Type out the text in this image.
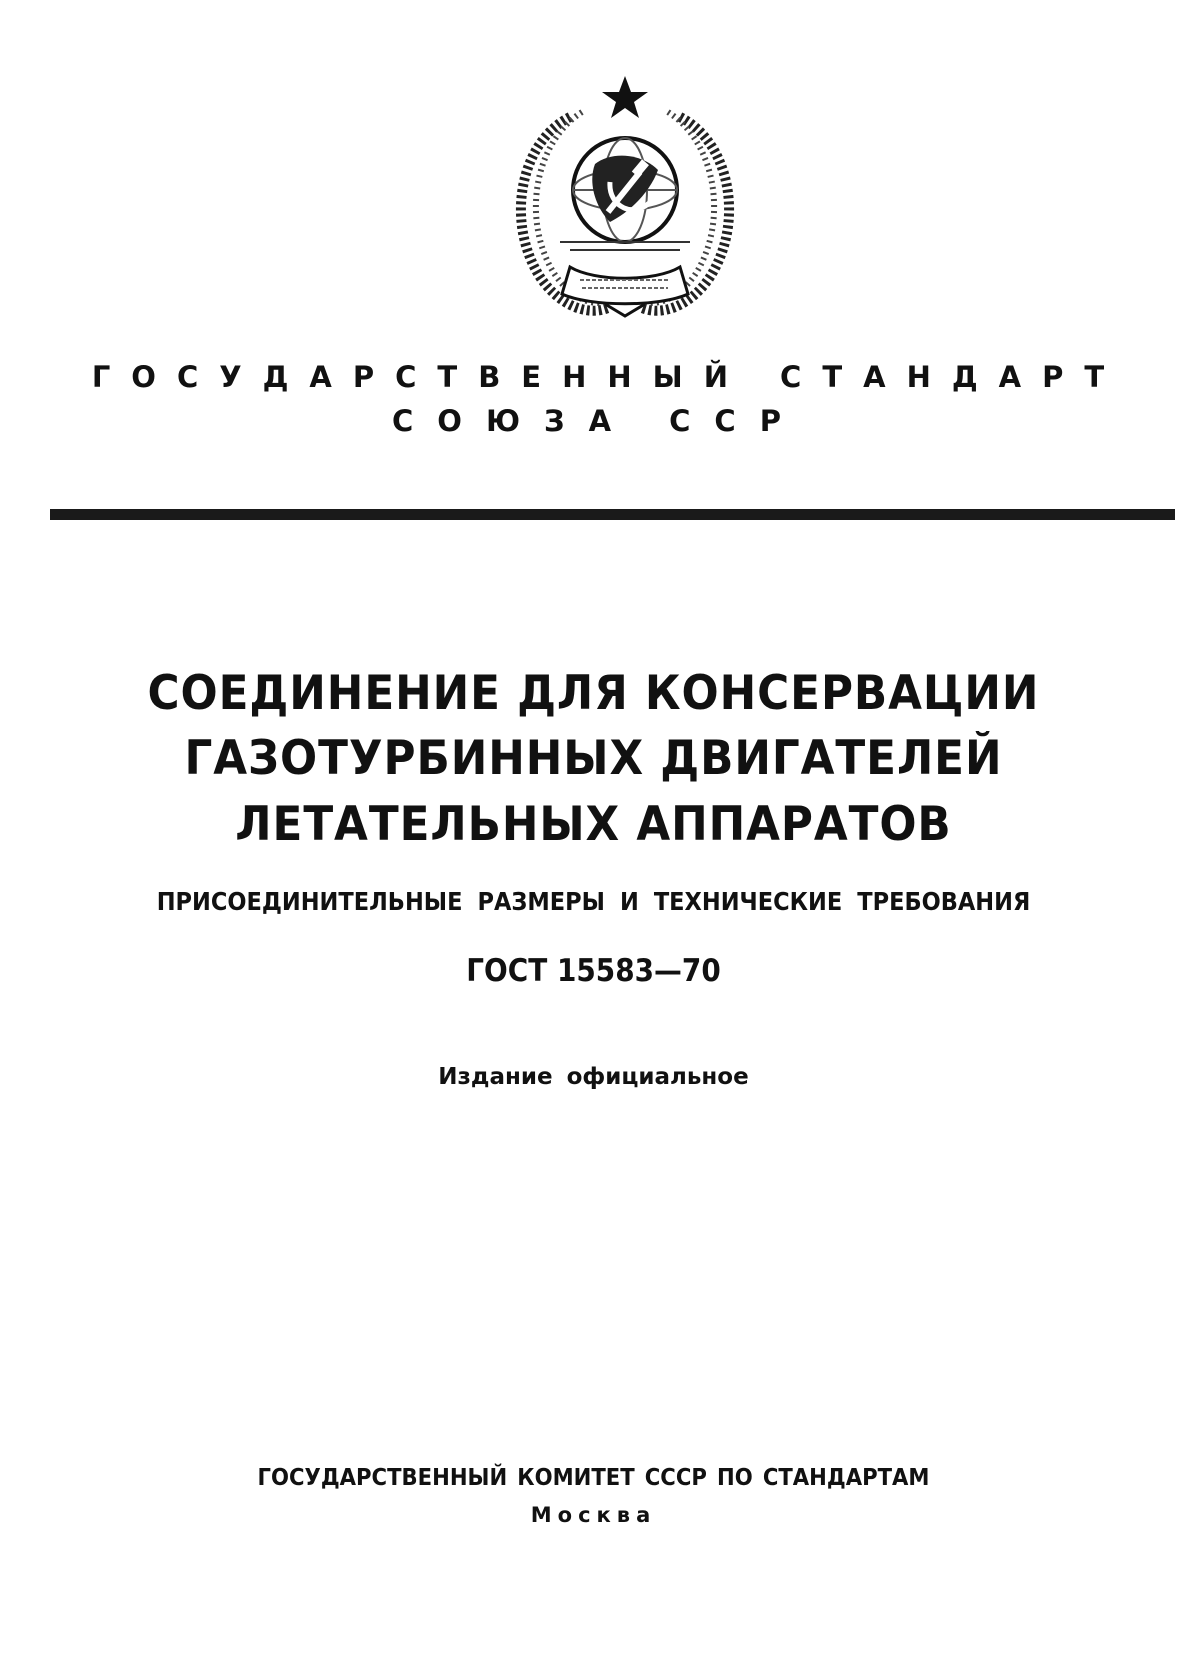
ГОСУДАРСТВЕННЫЙ СТАНДАРТ
СОЮЗА ССР
СОЕДИНЕНИЕ ДЛЯ КОНСЕРВАЦИИ
ГАЗОТУРБИННЫХ ДВИГАТЕЛЕЙ
ЛЕТАТЕЛЬНЫХ АППАРАТОВ
ПРИСОЕДИНИТЕЛЬНЫЕ РАЗМЕРЫ И ТЕХНИЧЕСКИЕ ТРЕБОВАНИЯ
ГОСТ 15583—70
Издание официальное
ГОСУДАРСТВЕННЫЙ КОМИТЕТ СССР ПО СТАНДАРТАМ
Москва
